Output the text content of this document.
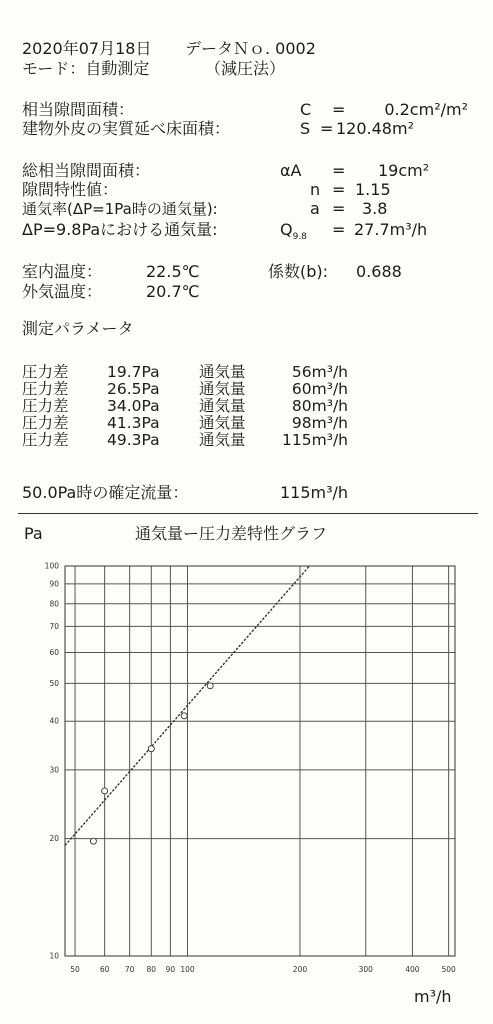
2020年07月18日 データＮｏ. 0002
モード：自動測定	（減圧法）
相当隙間面積：	C =	0.2cm²/m²
建物外皮の実質延べ床面積：	S = 120.48m²
総相当隙間面積：	αA = 19cm²
隙間特性値：	n = 1.15
通気率(ΔP=1Pa時の通気量):	a = 3.8
ΔP=9.8Paにおける通気量:	$Q_{9.8} = 27.7m^3/h$
室内温度：	22.5℃	係数(b): 0.688
外気温度：	20.7℃
測定パラメータ
圧力差 19.7Pa	通気量	56m³/h
圧力差 26.5Pa	通気量	60m³/h
圧力差 34.0Pa	通気量	80m³/h
圧力差 41.3Pa	通気量	98m³/h
圧力差 49.3Pa	通気量	115m³/h
50.0Pa時の確定流量：	115m³/h
Pa	通気量ー圧力差特性グラフ
50	60 70 80 90 100	200	300	400	500
10
20
30
40
50
60
70
80
90
100
m³/h
